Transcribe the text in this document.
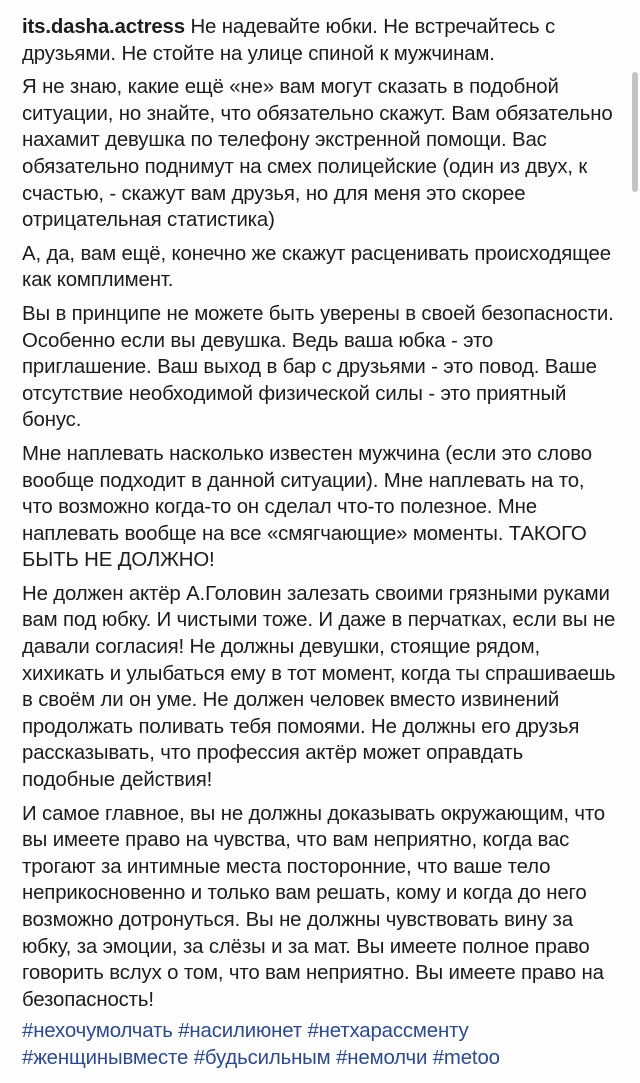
its.dasha.actress Не надевайте юбки. Не встречайтесь с друзьями. Не стойте на улице спиной к мужчинам.

Я не знаю, какие ещё «не» вам могут сказать в подобной ситуации, но знайте, что обязательно скажут. Вам обязательно нахамит девушка по телефону экстренной помощи. Вас обязательно поднимут на смех полицейские (один из двух, к счастью, - скажут вам друзья, но для меня это скорее отрицательная статистика)

А, да, вам ещё, конечно же скажут расценивать происходящее как комплимент.

Вы в принципе не можете быть уверены в своей безопасности. Особенно если вы девушка. Ведь ваша юбка - это приглашение. Ваш выход в бар с друзьями - это повод. Ваше отсутствие необходимой физической силы - это приятный бонус.

Мне наплевать насколько известен мужчина (если это слово вообще подходит в данной ситуации). Мне наплевать на то, что возможно когда-то он сделал что-то полезное. Мне наплевать вообще на все «смягчающие» моменты. ТАКОГО БЫТЬ НЕ ДОЛЖНО!

Не должен актёр А.Головин залезать своими грязными руками вам под юбку. И чистыми тоже. И даже в перчатках, если вы не давали согласия! Не должны девушки, стоящие рядом, хихикать и улыбаться ему в тот момент, когда ты спрашиваешь в своём ли он уме. Не должен человек вместо извинений продолжать поливать тебя помоями. Не должны его друзья рассказывать, что профессия актёр может оправдать подобные действия!

И самое главное, вы не должны доказывать окружающим, что вы имеете право на чувства, что вам неприятно, когда вас трогают за интимные места посторонние, что ваше тело неприкосновенно и только вам решать, кому и когда до него возможно дотронуться. Вы не должны чувствовать вину за юбку, за эмоции, за слёзы и за мат. Вы имеете полное право говорить вслух о том, что вам неприятно. Вы имеете право на безопасность!

#нехочумолчать #насилиюнет #нетхарассменту
#женщинывместе #будьсильным #немолчи #metoo
